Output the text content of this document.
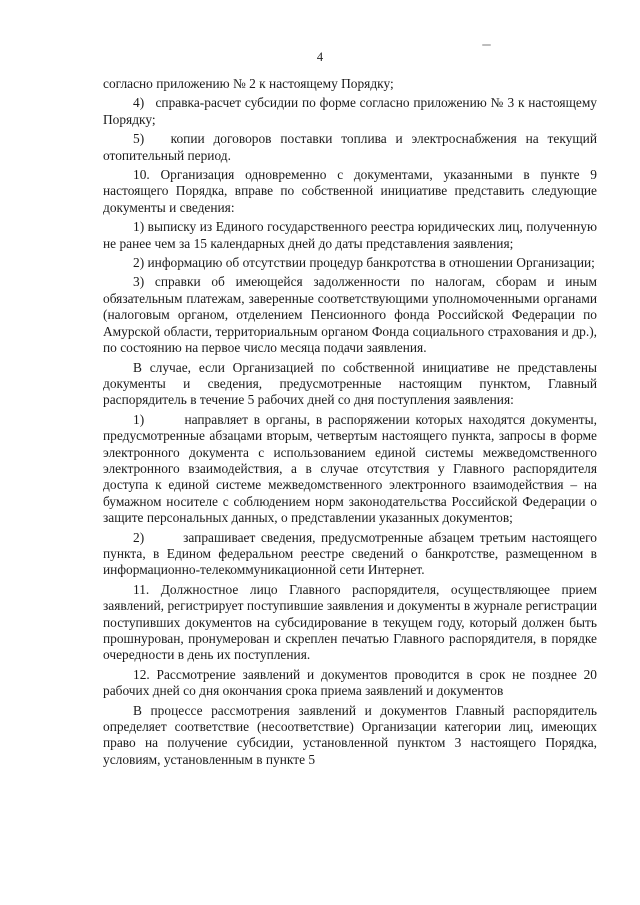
4

согласно приложению № 2 к настоящему Порядку;

4)   справка-расчет субсидии по форме согласно приложению № 3 к настоящему Порядку;

5)   копии договоров поставки топлива и электроснабжения на текущий отопительный период.

10. Организация одновременно с документами, указанными в пункте 9 настоящего Порядка, вправе по собственной инициативе представить следующие документы и сведения:

1) выписку из Единого государственного реестра юридических лиц, полученную не ранее чем за 15 календарных дней до даты представления заявления;

2) информацию об отсутствии процедур банкротства в отношении Организации;

3) справки об имеющейся задолженности по налогам, сборам и иным обязательным платежам, заверенные соответствующими уполномоченными органами (налоговым органом, отделением Пенсионного фонда Российской Федерации по Амурской области, территориальным органом Фонда социального страхования и др.), по состоянию на первое число месяца подачи заявления.

В случае, если Организацией по собственной инициативе не представлены документы и сведения, предусмотренные настоящим пунктом, Главный распорядитель в течение 5 рабочих дней со дня поступления заявления:

1)       направляет в органы, в распоряжении которых находятся документы, предусмотренные абзацами вторым, четвертым настоящего пункта, запросы в форме электронного документа с использованием единой системы межведомственного электронного взаимодействия, а в случае отсутствия у Главного распорядителя доступа к единой системе межведомственного электронного взаимодействия – на бумажном носителе с соблюдением норм законодательства Российской Федерации о защите персональных данных, о представлении указанных документов;

2)       запрашивает сведения, предусмотренные абзацем третьим настоящего пункта, в Едином федеральном реестре сведений о банкротстве, размещенном в информационно-телекоммуникационной сети Интернет.

11. Должностное лицо Главного распорядителя, осуществляющее прием заявлений, регистрирует поступившие заявления и документы в журнале регистрации поступивших документов на субсидирование в текущем году, который должен быть прошнурован, пронумерован и скреплен печатью Главного распорядителя, в порядке очередности в день их поступления.

12. Рассмотрение заявлений и документов проводится в срок не позднее 20 рабочих дней со дня окончания срока приема заявлений и документов

В процессе рассмотрения заявлений и документов Главный распорядитель определяет соответствие (несоответствие) Организации категории лиц, имеющих право на получение субсидии, установленной пунктом 3 настоящего Порядка, условиям, установленным в пункте 5
